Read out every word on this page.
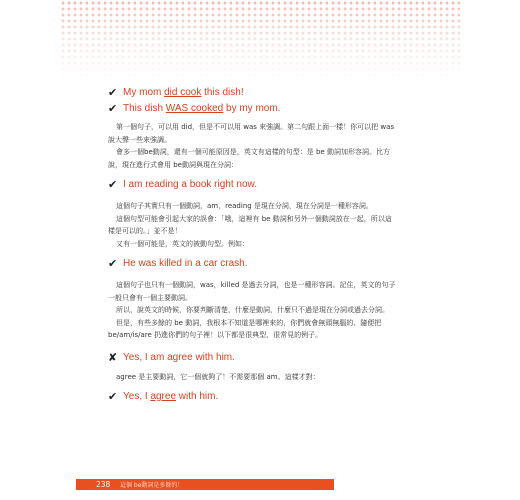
✔ My mom did cook this dish!
✔ This dish WAS cooked by my mom.

第一個句子，可以用 did，但是不可以用 was 來強調。第二句跟上面一樣！你可以把 was 說大聲一些來強調。

會多一個be動詞，還有一個可能原因是，英文有這樣的句型：是 be 動詞加形容詞。比方說，現在進行式會用 be動詞與現在分詞：

✔ I am reading a book right now.

這個句子其實只有一個動詞，am，reading 是現在分詞，現在分詞是一種形容詞。

這個句型可能會引起大家的誤會：「哦，這裡有 be 動詞和另外一個動詞放在一起，所以這樣是可以的。」並不是！

又有一個可能是，英文的被動句型。例如：

✔ He was killed in a car crash.

這個句子也只有一個動詞，was，killed 是過去分詞，也是一種形容詞。記住，英文的句子一般只會有一個主要動詞。

所以，說英文的時候，你要判斷清楚，什麼是動詞，什麼只不過是現在分詞或過去分詞。

但是，有些多餘的 be 動詞，我根本不知道是哪裡來的，你們就會無頭無腦的、隨便把 be/am/is/are 扔進你們的句子裡！以下都是很典型、很常見的例子。

✘ Yes, I am agree with him.

agree 是主要動詞，它一個就夠了！不需要那個 am。這樣才對：

✔ Yes, I agree with him.
238	這個 be動詞是多餘的！
